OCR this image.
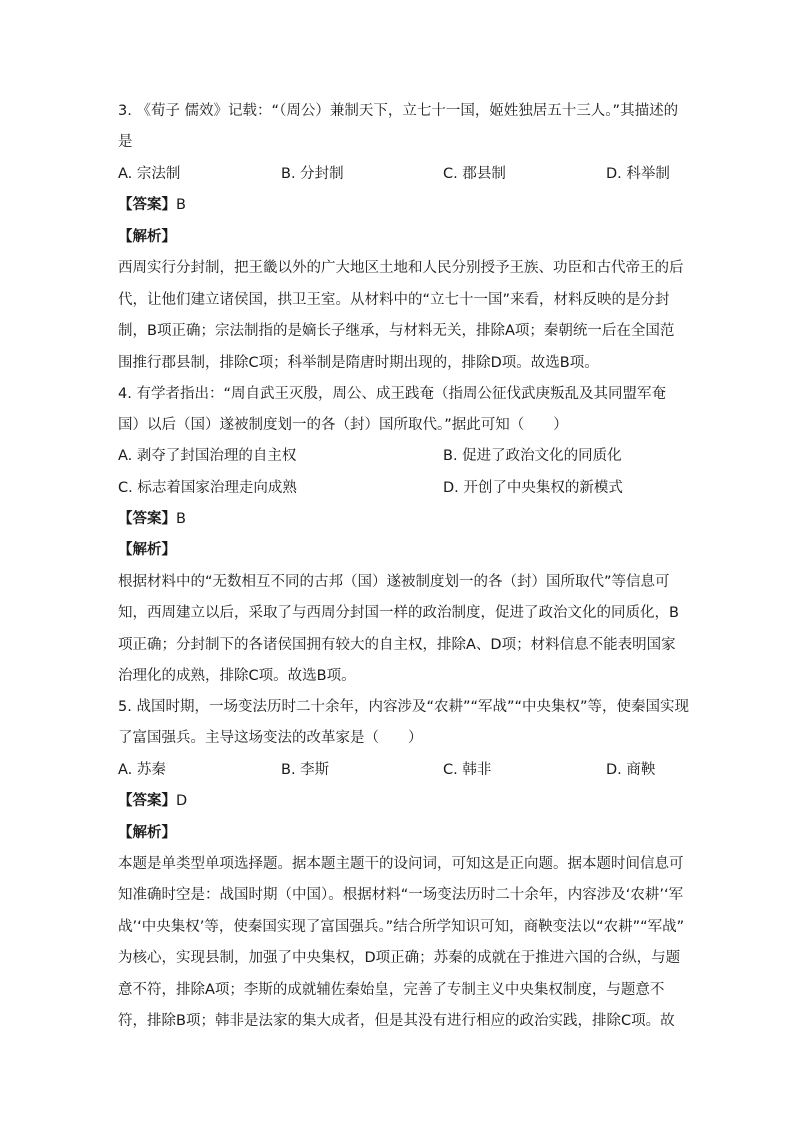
3. 《荀子 儒效》记载：“（周公）兼制天下，立七十一国，姬姓独居五十三人。”其描述的
是
A. 宗法制	B. 分封制	C. 郡县制	D. 科举制
【答案】B
【解析】
西周实行分封制，把王畿以外的广大地区土地和人民分别授予王族、功臣和古代帝王的后
代，让他们建立诸侯国，拱卫王室。从材料中的“立七十一国”来看，材料反映的是分封
制，B项正确；宗法制指的是嫡长子继承，与材料无关，排除A项；秦朝统一后在全国范
围推行郡县制，排除C项；科举制是隋唐时期出现的，排除D项。故选B项。
4. 有学者指出：“周自武王灭殷，周公、成王践奄（指周公征伐武庚叛乱及其同盟军奄
国）以后（国）遂被制度划一的各（封）国所取代。”据此可知（　　）
A. 剥夺了封国治理的自主权	B. 促进了政治文化的同质化
C. 标志着国家治理走向成熟	D. 开创了中央集权的新模式
【答案】B
【解析】
根据材料中的“无数相互不同的古邦（国）遂被制度划一的各（封）国所取代”等信息可
知，西周建立以后，采取了与西周分封国一样的政治制度，促进了政治文化的同质化，B
项正确；分封制下的各诸侯国拥有较大的自主权，排除A、D项；材料信息不能表明国家
治理化的成熟，排除C项。故选B项。
5. 战国时期，一场变法历时二十余年，内容涉及“农耕”“军战”“中央集权”等，使秦国实现
了富国强兵。主导这场变法的改革家是（　　）
A. 苏秦	B. 李斯	C. 韩非	D. 商鞅
【答案】D
【解析】
本题是单类型单项选择题。据本题主题干的设问词，可知这是正向题。据本题时间信息可
知准确时空是：战国时期（中国）。根据材料“一场变法历时二十余年，内容涉及‘农耕’‘军
战’‘中央集权’等，使秦国实现了富国强兵。”结合所学知识可知，商鞅变法以“农耕”“军战”
为核心，实现县制，加强了中央集权，D项正确；苏秦的成就在于推进六国的合纵，与题
意不符，排除A项；李斯的成就辅佐秦始皇，完善了专制主义中央集权制度，与题意不
符，排除B项；韩非是法家的集大成者，但是其没有进行相应的政治实践，排除C项。故
